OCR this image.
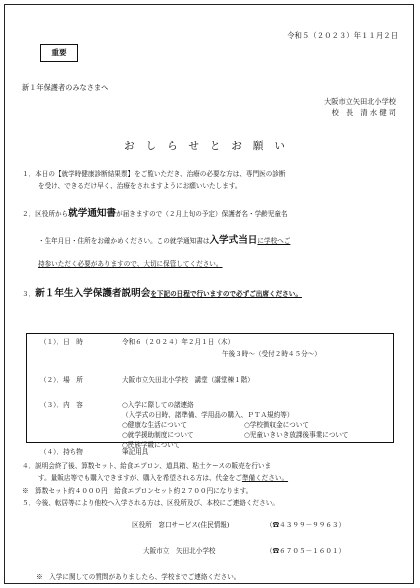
令和５（２０２３）年１１月２日
重要
新１年保護者のみなさまへ
大阪市立矢田北小学校
校　長　清 水 健 司
おしらせとお願い
１．本日の【就学時健康診断結果票】をご覧いただき、治療の必要な方は、専門医の診断
を受け、できるだけ早く、治療をされますようにお願いいたします。
２．区役所から就学通知書が届きますので（２月上旬の予定）保護者名・学齢児童名
・生年月日・住所をお確かめください。この就学通知書は入学式当日に学校へご
持参いただく必要がありますので、大切に保管してください。
３．新１年生入学保護者説明会を下記の日程で行いますので必ずご出席ください。
（１）．日　時	令和６（２０２４）年２月１日（木）
午後３時～（受付２時４５分～）
（２）．場　所	大阪市立矢田北小学校　講堂（講堂棟１階）
（３）．内　容	○入学に際しての諸連絡
（入学式の日時、諸準備、学用品の購入、ＰＴＡ規約等）
○健康な生活について	○学校徴収金について
○就学援助制度について	○児童いきいき放課後事業について
○民族学級について
（４）．持ち物	筆記用具
４．説明会終了後、算数セット、給食エプロン、道具箱、粘土ケースの販売を行いま
す。量販店等でも購入できますが、購入を希望される方は、代金をご準備ください。
※　算数セット約４０００円　給食エプロンセット約２７００円になります。
５．今後、転居等により他校へ入学される方は、区役所及び、本校にご連絡ください。
区役所　窓口サービス(住民情報)	（☎４３９９－９９６３）
大阪市立　矢田北小学校	（☎６７０５－１６０１）
※　入学に関しての質問がありましたら、学校までご連絡ください。
